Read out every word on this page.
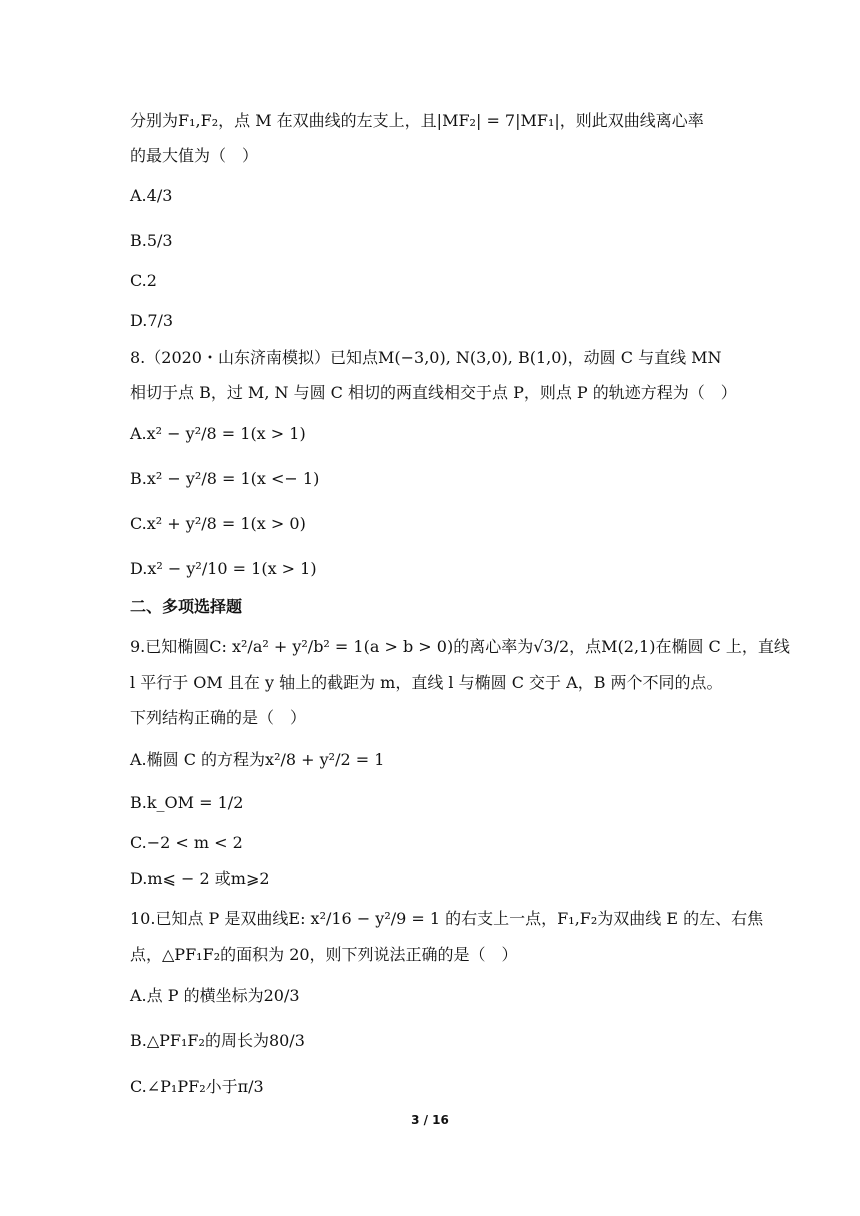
分别为F₁,F₂，点 M 在双曲线的左支上，且|MF₂| = 7|MF₁|，则此双曲线离心率
的最大值为（　）
A.4/3
B.5/3
C.2
D.7/3
8.（2020・山东济南模拟）已知点M(−3,0), N(3,0), B(1,0)，动圆 C 与直线 MN
相切于点 B，过 M, N 与圆 C 相切的两直线相交于点 P，则点 P 的轨迹方程为（　）
A.x² − y²/8 = 1(x > 1)
B.x² − y²/8 = 1(x <− 1)
C.x² + y²/8 = 1(x > 0)
D.x² − y²/10 = 1(x > 1)
二、多项选择题
9.已知椭圆C: x²/a² + y²/b² = 1(a > b > 0)的离心率为√3/2，点M(2,1)在椭圆 C 上，直线
l 平行于 OM 且在 y 轴上的截距为 m，直线 l 与椭圆 C 交于 A，B 两个不同的点。
下列结构正确的是（　）
A.椭圆 C 的方程为x²/8 + y²/2 = 1
B.k_OM = 1/2
C.−2 < m < 2
D.m⩽ − 2 或m⩾2
10.已知点 P 是双曲线E: x²/16 − y²/9 = 1 的右支上一点，F₁,F₂为双曲线 E 的左、右焦
点，△PF₁F₂的面积为 20，则下列说法正确的是（　）
A.点 P 的横坐标为20/3
B.△PF₁F₂的周长为80/3
C.∠P₁PF₂小于π/3
3 / 16
